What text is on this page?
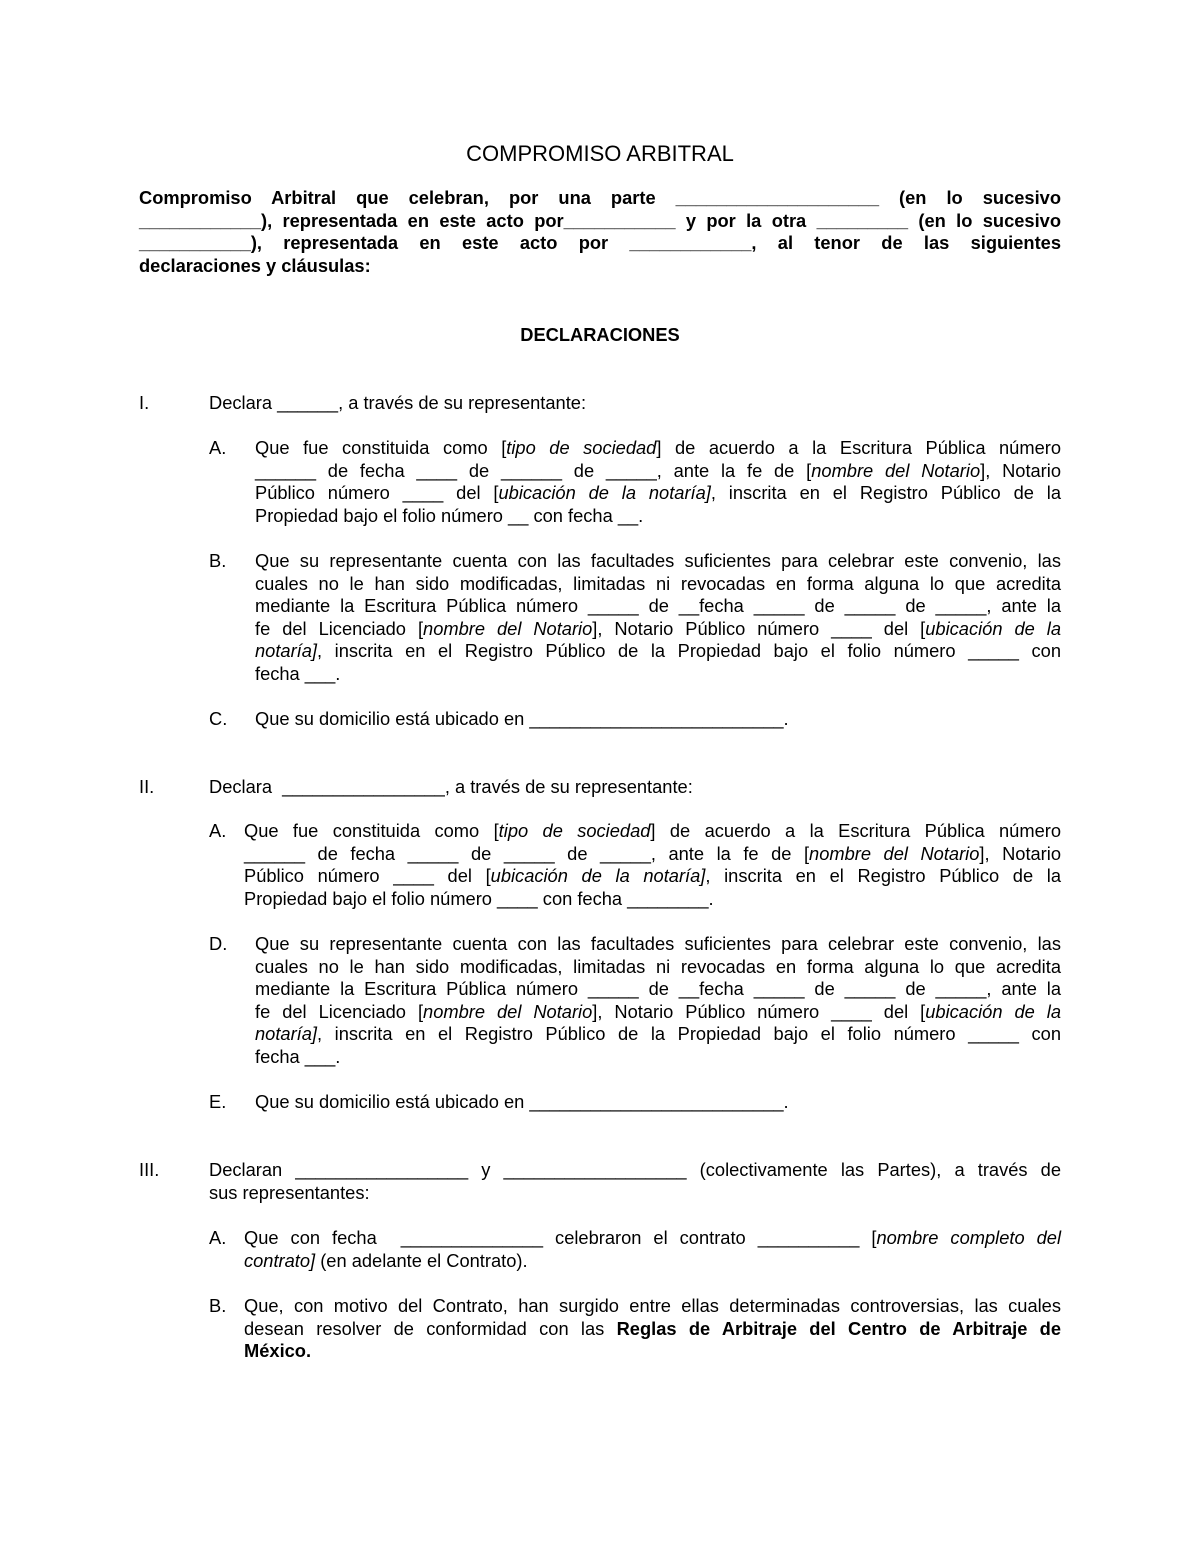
COMPROMISO ARBITRAL
Compromiso Arbitral que celebran, por una parte ____________________ (en lo sucesivo
____________), representada en este acto por___________ y por la otra _________ (en lo sucesivo
___________), representada en este acto por ____________, al tenor de las siguientes
declaraciones y cláusulas:
DECLARACIONES
I.	Declara ______, a través de su representante:
A. Que fue constituida como [tipo de sociedad] de acuerdo a la Escritura Pública número
______ de fecha ____ de ______ de _____, ante la fe de [nombre del Notario], Notario
Público número ____ del [ubicación de la notaría], inscrita en el Registro Público de la
Propiedad bajo el folio número __ con fecha __.
B. Que su representante cuenta con las facultades suficientes para celebrar este convenio, las
cuales no le han sido modificadas, limitadas ni revocadas en forma alguna lo que acredita
mediante la Escritura Pública número _____ de __fecha _____ de _____ de _____, ante la
fe del Licenciado [nombre del Notario], Notario Público número ____ del [ubicación de la
notaría], inscrita en el Registro Público de la Propiedad bajo el folio número _____ con
fecha ___.
C. Que su domicilio está ubicado en _________________________.
II.	Declara  ________________, a través de su representante:
A. Que fue constituida como [tipo de sociedad] de acuerdo a la Escritura Pública número
______ de fecha _____ de _____ de _____, ante la fe de [nombre del Notario], Notario
Público número ____ del [ubicación de la notaría], inscrita en el Registro Público de la
Propiedad bajo el folio número ____ con fecha ________.
D. Que su representante cuenta con las facultades suficientes para celebrar este convenio, las
cuales no le han sido modificadas, limitadas ni revocadas en forma alguna lo que acredita
mediante la Escritura Pública número _____ de __fecha _____ de _____ de _____, ante la
fe del Licenciado [nombre del Notario], Notario Público número ____ del [ubicación de la
notaría], inscrita en el Registro Público de la Propiedad bajo el folio número _____ con
fecha ___.
E. Que su domicilio está ubicado en _________________________.
III.	Declaran _________________ y __________________ (colectivamente las Partes), a través de
sus representantes:
A. Que con fecha  ______________ celebraron el contrato __________ [nombre completo del
contrato] (en adelante el Contrato).
B. Que, con motivo del Contrato, han surgido entre ellas determinadas controversias, las cuales
desean resolver de conformidad con las Reglas de Arbitraje del Centro de Arbitraje de
México.
